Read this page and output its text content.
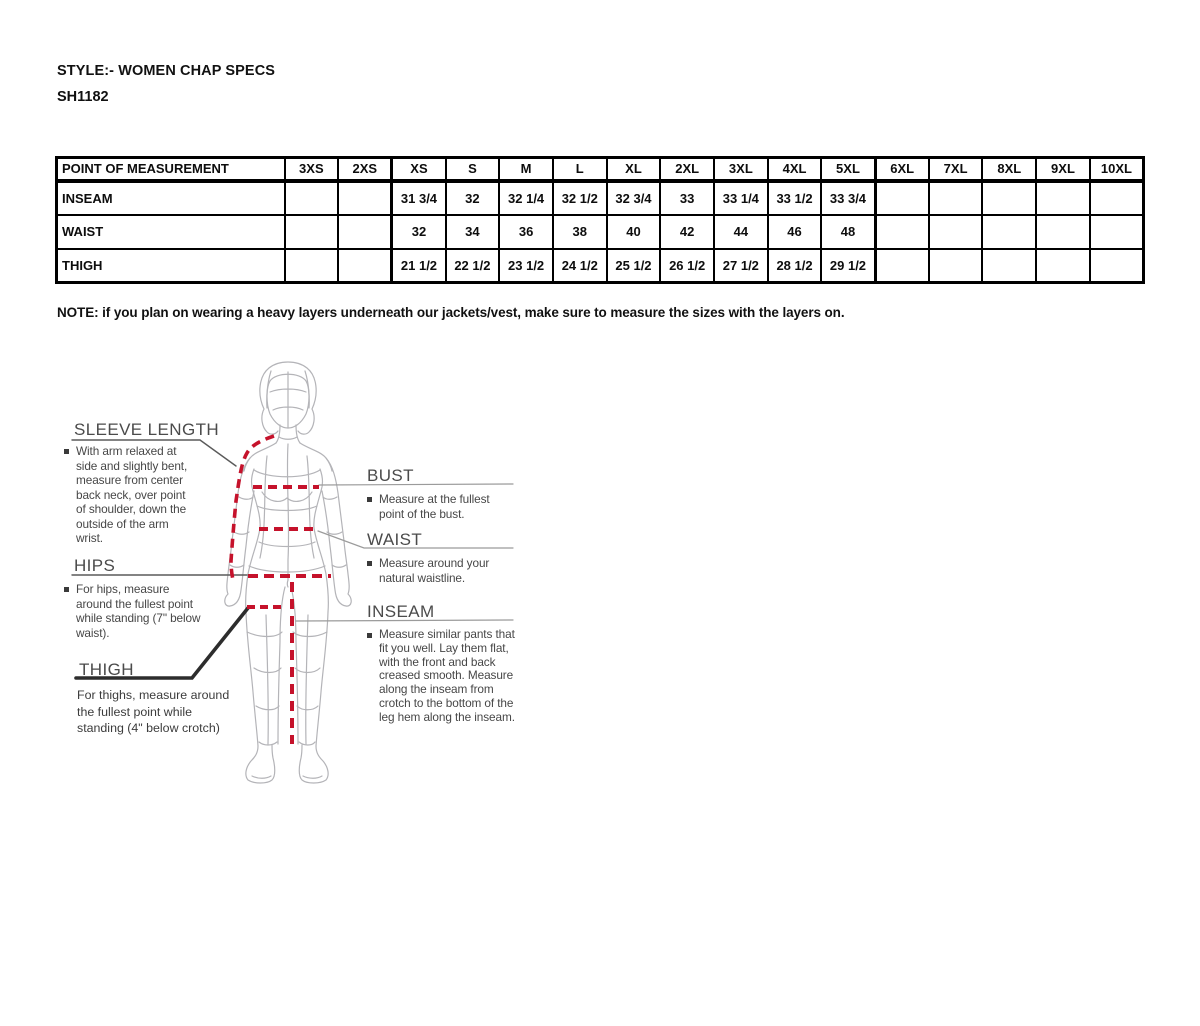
STYLE:- WOMEN CHAP SPECS
SH1182
POINT OF MEASUREMENT	3XS	2XS	XS	S	M	L	XL	2XL	3XL	4XL	5XL	6XL	7XL	8XL	9XL	10XL
INSEAM			31 3/4	32	32 1/4	32 1/2	32 3/4	33	33 1/4	33 1/2	33 3/4					
WAIST			32	34	36	38	40	42	44	46	48					
THIGH			21 1/2	22 1/2	23 1/2	24 1/2	25 1/2	26 1/2	27 1/2	28 1/2	29 1/2					
NOTE: if you plan on wearing a heavy layers underneath our jackets/vest, make sure to measure the sizes with the layers on.
SLEEVE LENGTH
With arm relaxed at side and slightly bent, measure from center back neck, over point of shoulder, down the outside of the arm wrist.
HIPS
For hips, measure around the fullest point while standing (7" below waist).
THIGH
For thighs, measure around the fullest point while standing (4" below crotch)
BUST
Measure at the fullest point of the bust.
WAIST
Measure around your natural waistline.
INSEAM
Measure similar pants that fit you well. Lay them flat, with the front and back creased smooth. Measure along the inseam from crotch to the bottom of the leg hem along the inseam.
